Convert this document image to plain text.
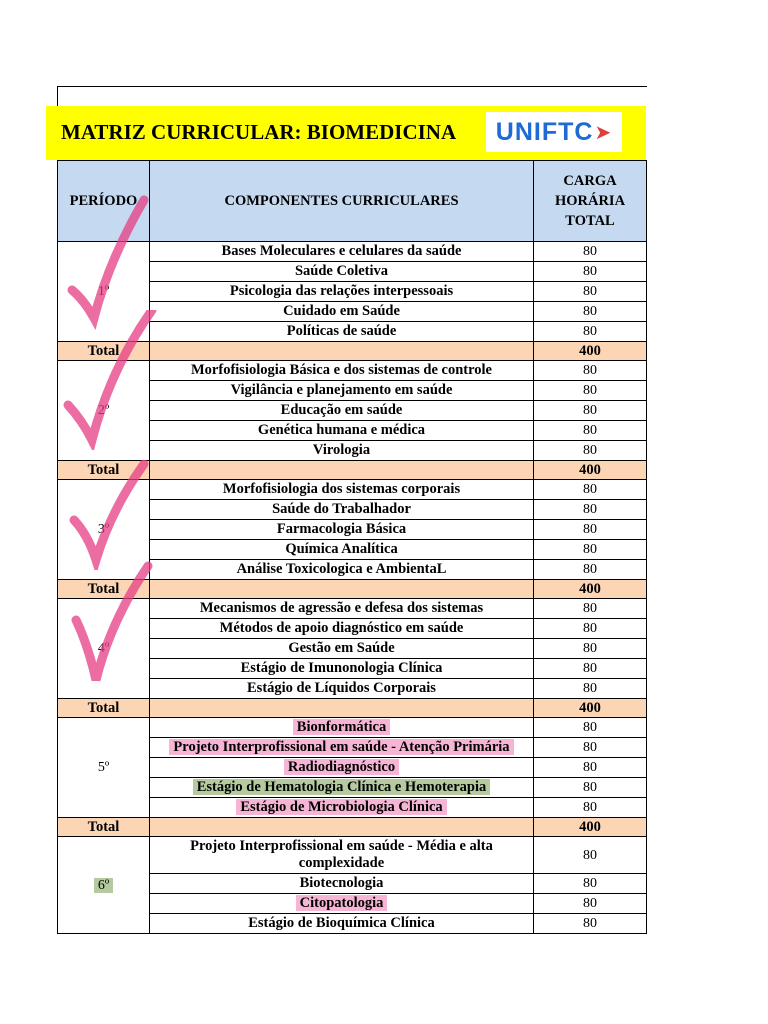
MATRIZ CURRICULAR: BIOMEDICINA UNIFTC ➤
PERÍODO	COMPONENTES CURRICULARES	CARGA HORÁRIA TOTAL
1º	Bases Moleculares e celulares da saúde	80
	Saúde Coletiva	80
	Psicologia das relações interpessoais	80
	Cuidado em Saúde	80
	Políticas de saúde	80
Total		400
2º	Morfofisiologia Básica e dos sistemas de controle	80
	Vigilância e planejamento em saúde	80
	Educação em saúde	80
	Genética humana e médica	80
	Virologia	80
Total		400
3º	Morfofisiologia dos sistemas corporais	80
	Saúde do Trabalhador	80
	Farmacologia Básica	80
	Química Analítica	80
	Análise Toxicologica e AmbientaL	80
Total		400
4º	Mecanismos de agressão e defesa dos sistemas	80
	Métodos de apoio diagnóstico em saúde	80
	Gestão em Saúde	80
	Estágio de Imunonologia Clínica	80
	Estágio de Líquidos Corporais	80
Total		400
5º	Bionformática	80
	Projeto Interprofissional em saúde - Atenção Primária	80
	Radiodiagnóstico	80
	Estágio de Hematologia Clínica e Hemoterapia	80
	Estágio de Microbiologia Clínica	80
Total		400
6º	Projeto Interprofissional em saúde - Média e alta complexidade	80
	Biotecnologia	80
	Citopatologia	80
	Estágio de Bioquímica Clínica	80
